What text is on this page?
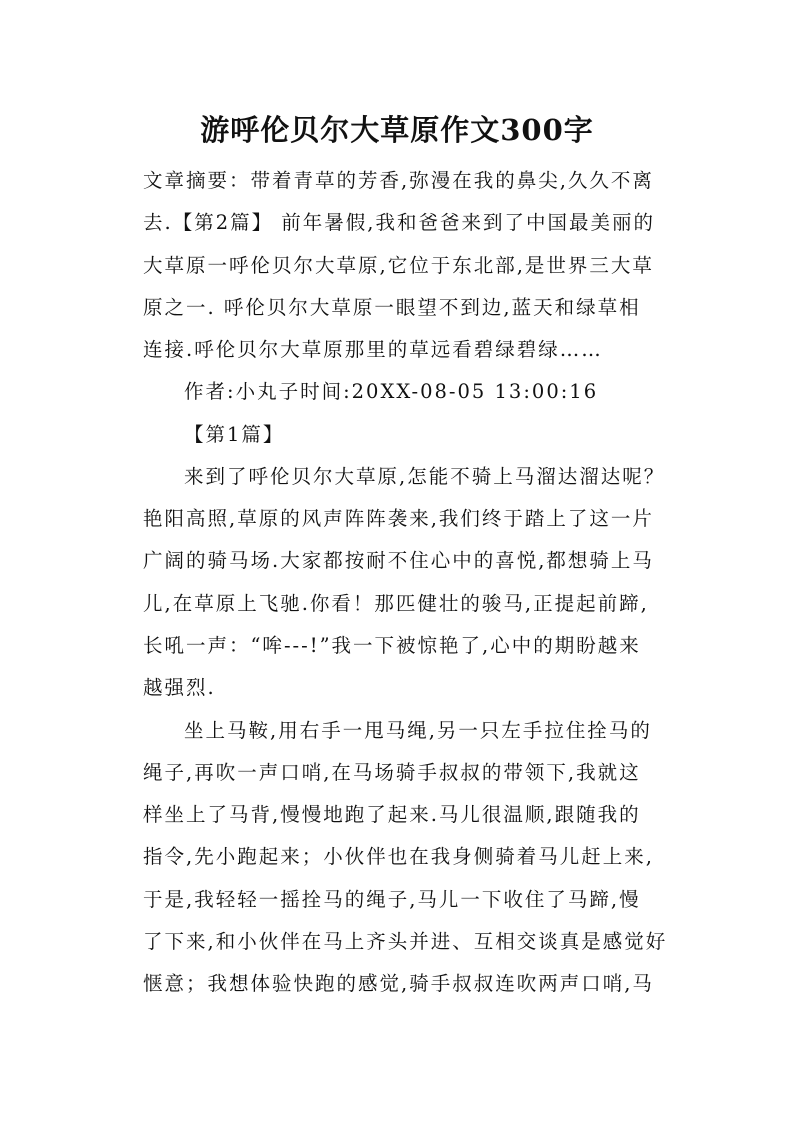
游呼伦贝尔大草原作文300字
文章摘要：带着青草的芳香,弥漫在我的鼻尖,久久不离
去.【第2篇】 前年暑假,我和爸爸来到了中国最美丽的
大草原一呼伦贝尔大草原,它位于东北部,是世界三大草
原之一. 呼伦贝尔大草原一眼望不到边,蓝天和绿草相
连接.呼伦贝尔大草原那里的草远看碧绿碧绿……
作者:小丸子时间:20XX-08-05 13:00:16
【第1篇】
来到了呼伦贝尔大草原,怎能不骑上马溜达溜达呢？
艳阳高照,草原的风声阵阵袭来,我们终于踏上了这一片
广阔的骑马场.大家都按耐不住心中的喜悦,都想骑上马
儿,在草原上飞驰.你看！那匹健壮的骏马,正提起前蹄,
长吼一声：“哞---!”我一下被惊艳了,心中的期盼越来
越强烈.
坐上马鞍,用右手一甩马绳,另一只左手拉住拴马的
绳子,再吹一声口哨,在马场骑手叔叔的带领下,我就这
样坐上了马背,慢慢地跑了起来.马儿很温顺,跟随我的
指令,先小跑起来；小伙伴也在我身侧骑着马儿赶上来,
于是,我轻轻一摇拴马的绳子,马儿一下收住了马蹄,慢
了下来,和小伙伴在马上齐头并进、互相交谈真是感觉好
惬意；我想体验快跑的感觉,骑手叔叔连吹两声口哨,马
